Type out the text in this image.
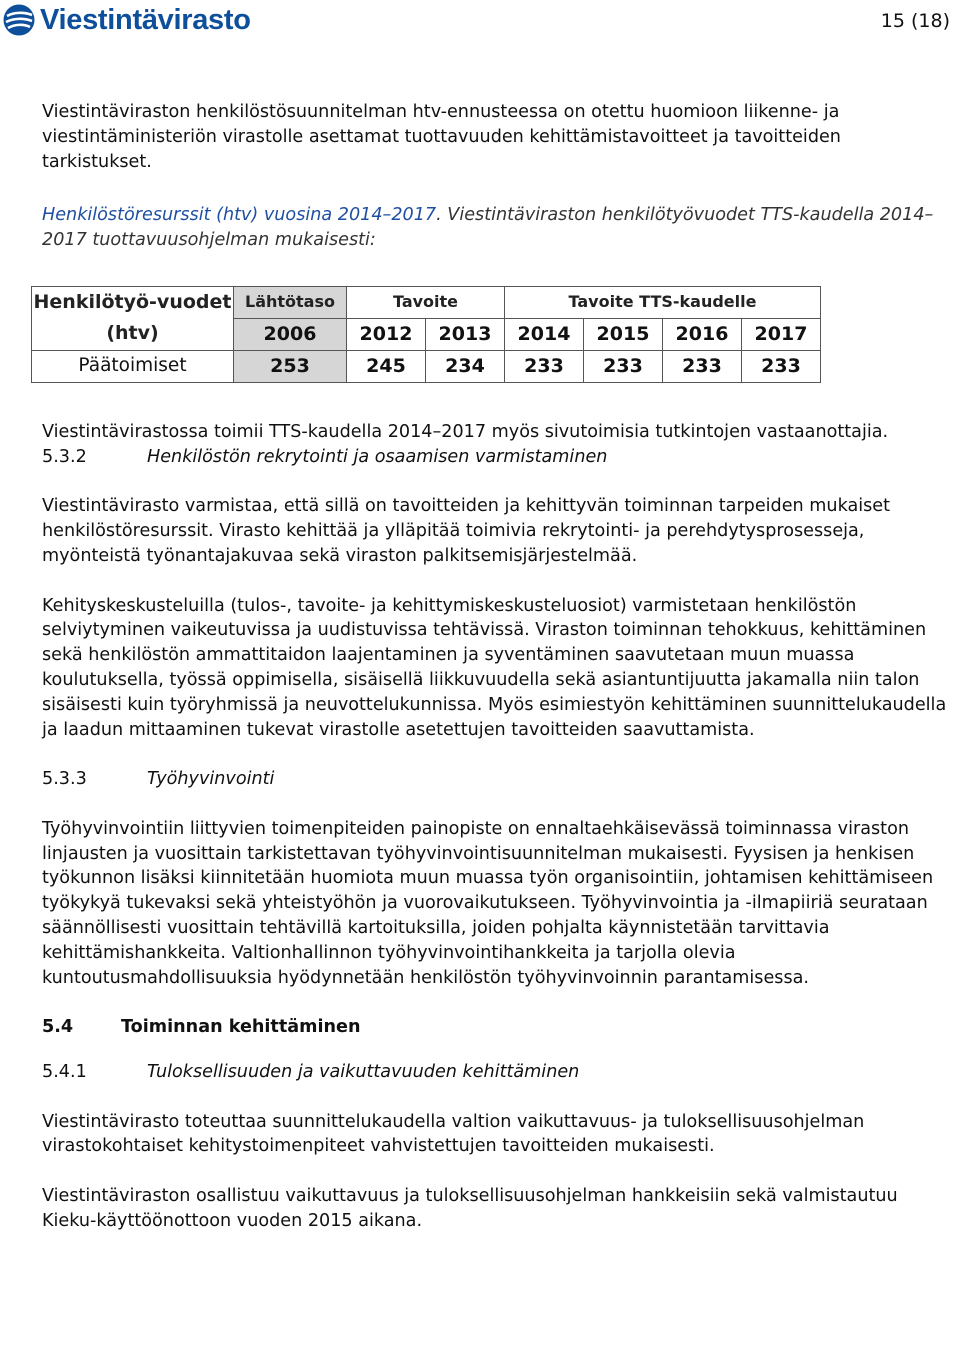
Viestintävirasto	15 (18)

Viestintäviraston henkilöstösuunnitelman htv-ennusteessa on otettu huomioon liikenne- ja viestintäministeriön virastolle asettamat tuottavuuden kehittämistavoitteet ja tavoitteiden tarkistukset.

Henkilöstöresurssit (htv) vuosina 2014–2017. Viestintäviraston henkilötyövuodet TTS-kaudella 2014–2017 tuottavuusohjelman mukaisesti:

Henkilötyö-vuodet (htv)	Lähtötaso	Tavoite		Tavoite TTS-kaudelle			
	2006	2012	2013	2014	2015	2016	2017
Päätoimiset	253	245	234	233	233	233	233

Viestintävirastossa toimii TTS-kaudella 2014–2017 myös sivutoimisia tutkintojen vastaanottajia.

5.3.2	Henkilöstön rekrytointi ja osaamisen varmistaminen

Viestintävirasto varmistaa, että sillä on tavoitteiden ja kehittyvän toiminnan tarpeiden mukaiset henkilöstöresurssit. Virasto kehittää ja ylläpitää toimivia rekrytointi- ja perehdytysprosesseja, myönteistä työnantajakuvaa sekä viraston palkitsemisjärjestelmää.

Kehityskeskusteluilla (tulos-, tavoite- ja kehittymiskeskusteluosiot) varmistetaan henkilöstön selviytyminen vaikeutuvissa ja uudistuvissa tehtävissä. Viraston toiminnan tehokkuus, kehittäminen sekä henkilöstön ammattitaidon laajentaminen ja syventäminen saavutetaan muun muassa koulutuksella, työssä oppimisella, sisäisellä liikkuvuudella sekä asiantuntijuutta jakamalla niin talon sisäisesti kuin työryhmissä ja neuvottelukunnissa. Myös esimiestyön kehittäminen suunnittelukaudella ja laadun mittaaminen tukevat virastolle asetettujen tavoitteiden saavuttamista.

5.3.3	Työhyvinvointi

Työhyvinvointiin liittyvien toimenpiteiden painopiste on ennaltaehkäisevässä toiminnassa viraston linjausten ja vuosittain tarkistettavan työhyvinvointisuunnitelman mukaisesti. Fyysisen ja henkisen työkunnon lisäksi kiinnitetään huomiota muun muassa työn organisointiin, johtamisen kehittämiseen työkykyä tukevaksi sekä yhteistyöhön ja vuorovaikutukseen. Työhyvinvointia ja -ilmapiiriä seurataan säännöllisesti vuosittain tehtävillä kartoituksilla, joiden pohjalta käynnistetään tarvittavia kehittämishankkeita. Valtionhallinnon työhyvinvointihankkeita ja tarjolla olevia kuntoutusmahdollisuuksia hyödynnetään henkilöstön työhyvinvoinnin parantamisessa.

5.4	Toiminnan kehittäminen

5.4.1	Tuloksellisuuden ja vaikuttavuuden kehittäminen

Viestintävirasto toteuttaa suunnittelukaudella valtion vaikuttavuus- ja tuloksellisuusohjelman virastokohtaiset kehitystoimenpiteet vahvistettujen tavoitteiden mukaisesti.

Viestintäviraston osallistuu vaikuttavuus ja tuloksellisuusohjelman hankkeisiin sekä valmistautuu Kieku-käyttöönottoon vuoden 2015 aikana.
